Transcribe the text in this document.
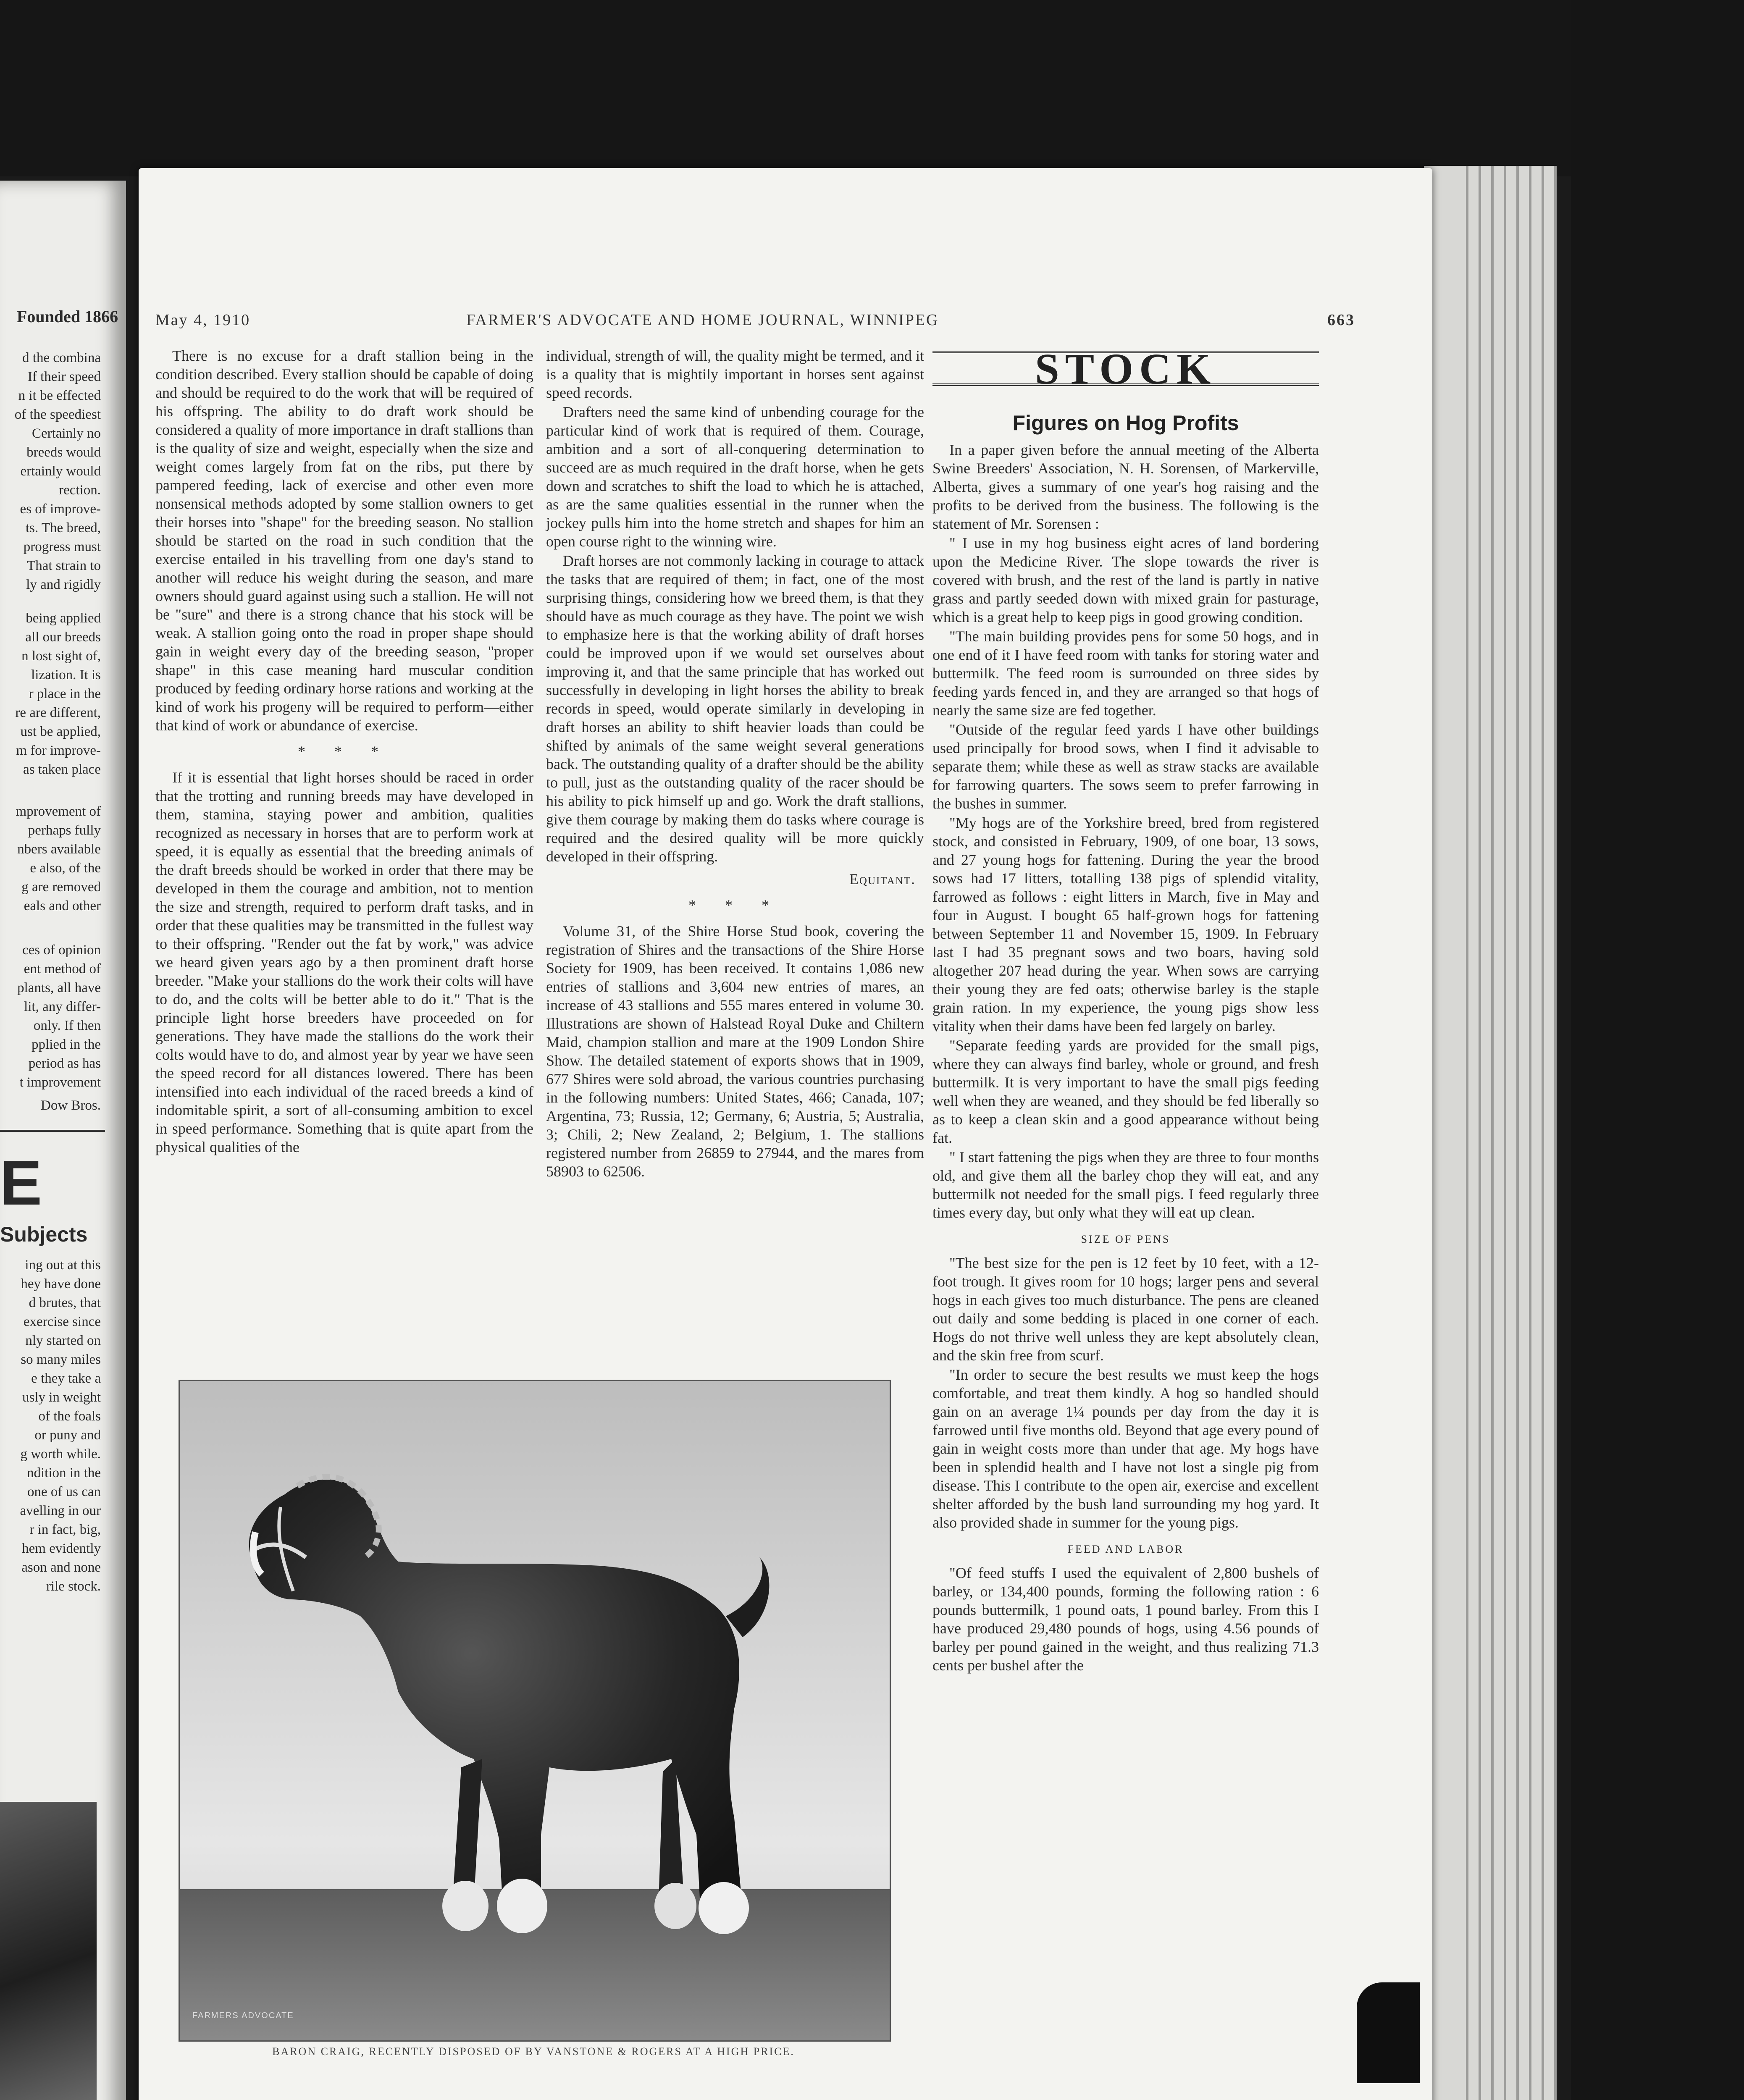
Founded 1866
d the combina
If their speed
n it be effected
of the speediest
Certainly no
breeds would
ertainly would
rection.
es of improve-
ts. The breed,
progress must
That strain to
ly and rigidly
being applied
all our breeds
n lost sight of,
lization. It is
r place in the
re are different,
ust be applied,
m for improve-
as taken place
mprovement of
perhaps fully
nbers available
e also, of the
g are removed
eals and other
ces of opinion
ent method of
plants, all have
lit, any differ-
only. If then
pplied in the
period as has
t improvement
Dow Bros.
E
Subjects
ing out at this
hey have done
d brutes, that
exercise since
nly started on
so many miles
e they take a
usly in weight
of the foals
or puny and
g worth while.
ndition in the
one of us can
avelling in our
r in fact, big,
hem evidently
ason and none
rile stock.
May 4, 1910	FARMER'S ADVOCATE AND HOME JOURNAL, WINNIPEG	663

There is no excuse for a draft stallion being in the condition described. Every stallion should be capable of doing and should be required to do the work that will be required of his offspring. The ability to do draft work should be considered a quality of more importance in draft stallions than is the quality of size and weight, especially when the size and weight comes largely from fat on the ribs, put there by pampered feeding, lack of exercise and other even more nonsensical methods adopted by some stallion owners to get their horses into "shape" for the breeding season. No stallion should be started on the road in such condition that the exercise entailed in his travelling from one day's stand to another will reduce his weight during the season, and mare owners should guard against using such a stallion. He will not be "sure" and there is a strong chance that his stock will be weak. A stallion going onto the road in proper shape should gain in weight every day of the breeding season, "proper shape" in this case meaning hard muscular condition produced by feeding ordinary horse rations and working at the kind of work his progeny will be required to perform—either that kind of work or abundance of exercise.

* * *

If it is essential that light horses should be raced in order that the trotting and running breeds may have developed in them, stamina, staying power and ambition, qualities recognized as necessary in horses that are to perform work at speed, it is equally as essential that the breeding animals of the draft breeds should be worked in order that there may be developed in them the courage and ambition, not to mention the size and strength, required to perform draft tasks, and in order that these qualities may be transmitted in the fullest way to their offspring. "Render out the fat by work," was advice we heard given years ago by a then prominent draft horse breeder. "Make your stallions do the work their colts will have to do, and the colts will be better able to do it." That is the principle light horse breeders have proceeded on for generations. They have made the stallions do the work their colts would have to do, and almost year by year we have seen the speed record for all distances lowered. There has been intensified into each individual of the raced breeds a kind of indomitable spirit, a sort of all-consuming ambition to excel in speed performance. Something that is quite apart from the physical qualities of the

individual, strength of will, the quality might be termed, and it is a quality that is mightily important in horses sent against speed records.

Drafters need the same kind of unbending courage for the particular kind of work that is required of them. Courage, ambition and a sort of all-conquering determination to succeed are as much required in the draft horse, when he gets down and scratches to shift the load to which he is attached, as are the same qualities essential in the runner when the jockey pulls him into the home stretch and shapes for him an open course right to the winning wire.

Draft horses are not commonly lacking in courage to attack the tasks that are required of them; in fact, one of the most surprising things, considering how we breed them, is that they should have as much courage as they have. The point we wish to emphasize here is that the working ability of draft horses could be improved upon if we would set ourselves about improving it, and that the same principle that has worked out successfully in developing in light horses the ability to break records in speed, would operate similarly in developing in draft horses an ability to shift heavier loads than could be shifted by animals of the same weight several generations back. The outstanding quality of a drafter should be the ability to pull, just as the outstanding quality of the racer should be his ability to pick himself up and go. Work the draft stallions, give them courage by making them do tasks where courage is required and the desired quality will be more quickly developed in their offspring.

Equitant.
* * *

Volume 31, of the Shire Horse Stud book, covering the registration of Shires and the transactions of the Shire Horse Society for 1909, has been received. It contains 1,086 new entries of stallions and 3,604 new entries of mares, an increase of 43 stallions and 555 mares entered in volume 30. Illustrations are shown of Halstead Royal Duke and Chiltern Maid, champion stallion and mare at the 1909 London Shire Show. The detailed statement of exports shows that in 1909, 677 Shires were sold abroad, the various countries purchasing in the following numbers: United States, 466; Canada, 107; Argentina, 73; Russia, 12; Germany, 6; Austria, 5; Australia, 3; Chili, 2; New Zealand, 2; Belgium, 1. The stallions registered number from 26859 to 27944, and the mares from 58903 to 62506.

STOCK
Figures on Hog Profits

In a paper given before the annual meeting of the Alberta Swine Breeders' Association, N. H. Sorensen, of Markerville, Alberta, gives a summary of one year's hog raising and the profits to be derived from the business. The following is the statement of Mr. Sorensen :

" I use in my hog business eight acres of land bordering upon the Medicine River. The slope towards the river is covered with brush, and the rest of the land is partly in native grass and partly seeded down with mixed grain for pasturage, which is a great help to keep pigs in good growing condition.

"The main building provides pens for some 50 hogs, and in one end of it I have feed room with tanks for storing water and buttermilk. The feed room is surrounded on three sides by feeding yards fenced in, and they are arranged so that hogs of nearly the same size are fed together.

"Outside of the regular feed yards I have other buildings used principally for brood sows, when I find it advisable to separate them; while these as well as straw stacks are available for farrowing quarters. The sows seem to prefer farrowing in the bushes in summer.

"My hogs are of the Yorkshire breed, bred from registered stock, and consisted in February, 1909, of one boar, 13 sows, and 27 young hogs for fattening. During the year the brood sows had 17 litters, totalling 138 pigs of splendid vitality, farrowed as follows : eight litters in March, five in May and four in August. I bought 65 half-grown hogs for fattening between September 11 and November 15, 1909. In February last I had 35 pregnant sows and two boars, having sold altogether 207 head during the year. When sows are carrying their young they are fed oats; otherwise barley is the staple grain ration. In my experience, the young pigs show less vitality when their dams have been fed largely on barley.

"Separate feeding yards are provided for the small pigs, where they can always find barley, whole or ground, and fresh buttermilk. It is very important to have the small pigs feeding well when they are weaned, and they should be fed liberally so as to keep a clean skin and a good appearance without being fat.

" I start fattening the pigs when they are three to four months old, and give them all the barley chop they will eat, and any buttermilk not needed for the small pigs. I feed regularly three times every day, but only what they will eat up clean.

SIZE OF PENS

"The best size for the pen is 12 feet by 10 feet, with a 12-foot trough. It gives room for 10 hogs; larger pens and several hogs in each gives too much disturbance. The pens are cleaned out daily and some bedding is placed in one corner of each. Hogs do not thrive well unless they are kept absolutely clean, and the skin free from scurf.

"In order to secure the best results we must keep the hogs comfortable, and treat them kindly. A hog so handled should gain on an average 1¼ pounds per day from the day it is farrowed until five months old. Beyond that age every pound of gain in weight costs more than under that age. My hogs have been in splendid health and I have not lost a single pig from disease. This I contribute to the open air, exercise and excellent shelter afforded by the bush land surrounding my hog yard. It also provided shade in summer for the young pigs.

FEED AND LABOR

"Of feed stuffs I used the equivalent of 2,800 bushels of barley, or 134,400 pounds, forming the following ration : 6 pounds buttermilk, 1 pound oats, 1 pound barley. From this I have produced 29,480 pounds of hogs, using 4.56 pounds of barley per pound gained in the weight, and thus realizing 71.3 cents per bushel after the

FARMERS ADVOCATE
BARON CRAIG, RECENTLY DISPOSED OF BY VANSTONE & ROGERS AT A HIGH PRICE.
